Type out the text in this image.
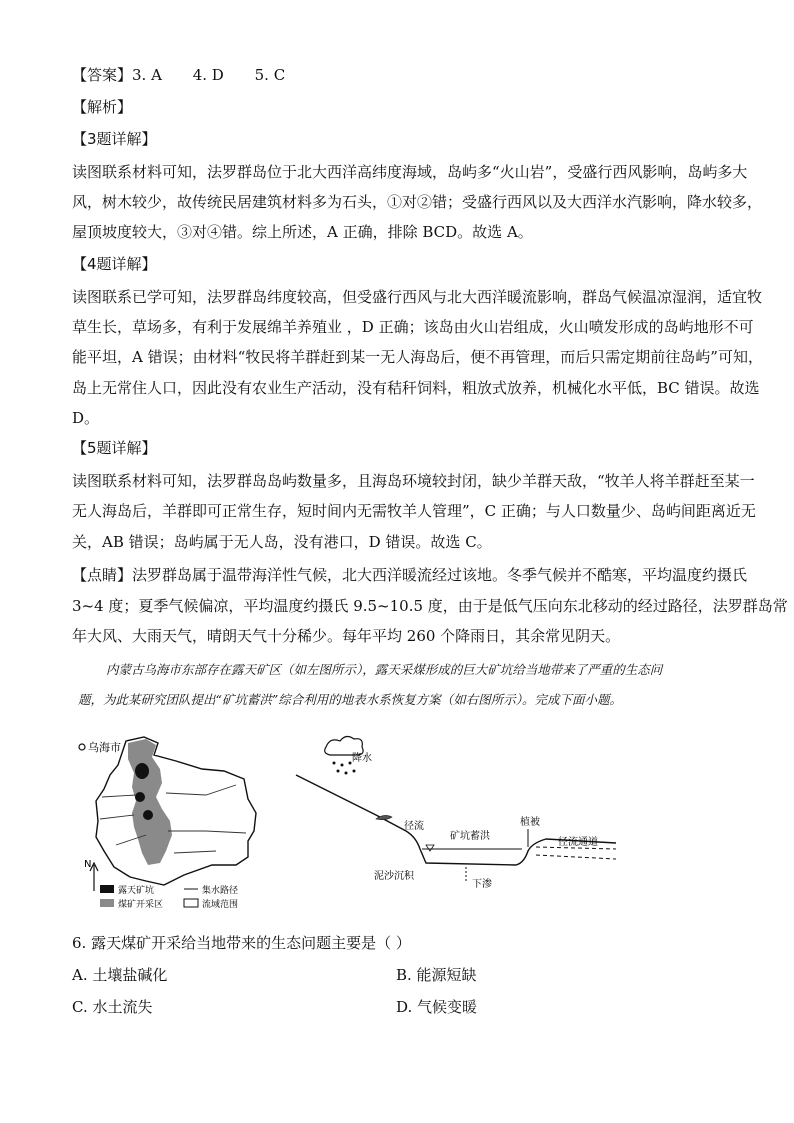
【答案】3. A 4. D 5. C
【解析】
【3题详解】
读图联系材料可知，法罗群岛位于北大西洋高纬度海域，岛屿多“火山岩”，受盛行西风影响，岛屿多大
风，树木较少，故传统民居建筑材料多为石头，①对②错；受盛行西风以及大西洋水汽影响，降水较多，
屋顶坡度较大，③对④错。综上所述，A 正确，排除 BCD。故选 A。
【4题详解】
读图联系已学可知，法罗群岛纬度较高，但受盛行西风与北大西洋暖流影响，群岛气候温凉湿润，适宜牧
草生长，草场多，有利于发展绵羊养殖业 ，D 正确；该岛由火山岩组成，火山喷发形成的岛屿地形不可
能平坦，A 错误；由材料“牧民将羊群赶到某一无人海岛后，便不再管理，而后只需定期前往岛屿”可知，
岛上无常住人口，因此没有农业生产活动，没有秸秆饲料，粗放式放养，机械化水平低，BC 错误。故选
D。
【5题详解】
读图联系材料可知，法罗群岛岛屿数量多，且海岛环境较封闭，缺少羊群天敌，“牧羊人将羊群赶至某一
无人海岛后，羊群即可正常生存，短时间内无需牧羊人管理”，C 正确；与人口数量少、岛屿间距离近无
关，AB 错误；岛屿属于无人岛，没有港口，D 错误。故选 C。
【点睛】法罗群岛属于温带海洋性气候，北大西洋暖流经过该地。冬季气候并不酷寒，平均温度约摄氏
3~4 度；夏季气候偏凉，平均温度约摄氏 9.5~10.5 度，由于是低气压向东北移动的经过路径，法罗群岛常
年大风、大雨天气，晴朗天气十分稀少。每年平均 260 个降雨日，其余常见阴天。
内蒙古乌海市东部存在露天矿区（如左图所示），露天采煤形成的巨大矿坑给当地带来了严重的生态问
题，为此某研究团队提出“矿坑蓄洪”综合利用的地表水系恢复方案（如右图所示）。完成下面小题。
乌海市
N
露天矿坑	集水路径
煤矿开采区	流域范围
降水
径流
矿坑蓄洪
植被
径流通道
泥沙沉积
下渗
6. 露天煤矿开采给当地带来的生态问题主要是（ ）
A. 土壤盐碱化	B. 能源短缺
C. 水土流失	D. 气候变暖
